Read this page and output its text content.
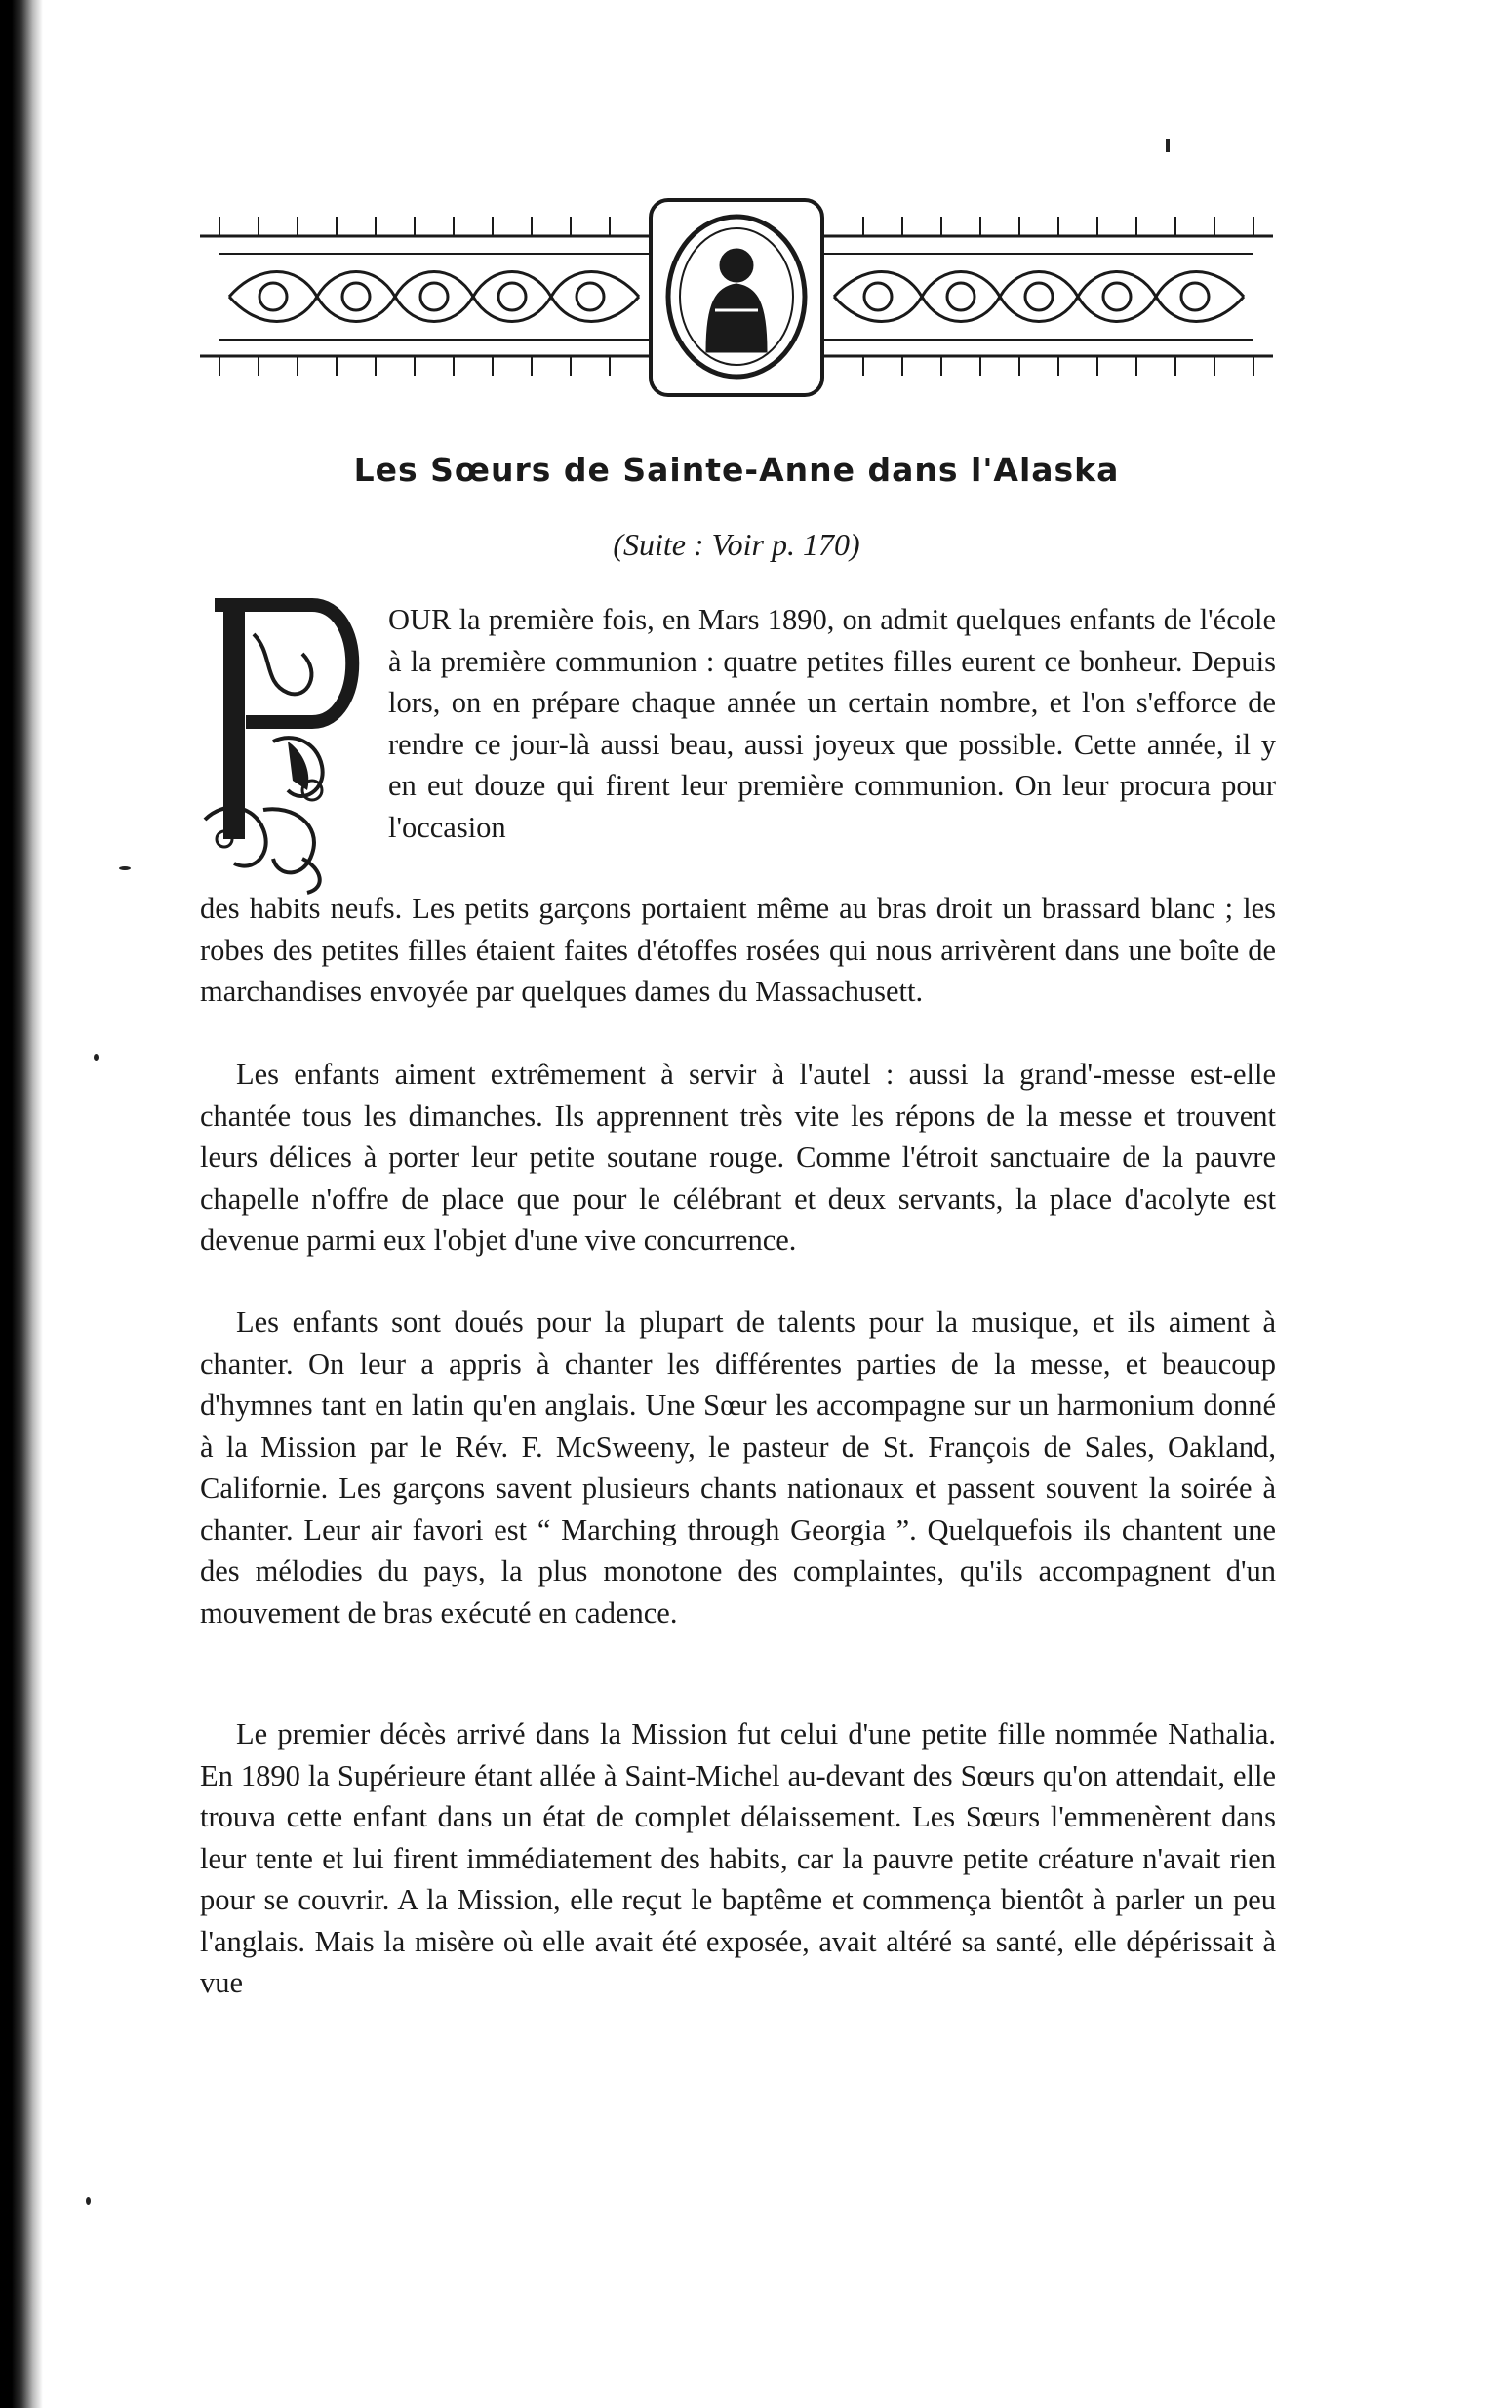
Les Sœurs de Sainte-Anne dans l'Alaska
(Suite : Voir p. 170)

OUR la première fois, en Mars 1890, on admit quelques enfants de l'école à la première communion : quatre petites filles eurent ce bonheur. Depuis lors, on en prépare chaque année un certain nombre, et l'on s'efforce de rendre ce jour-là aussi beau, aussi joyeux que possible. Cette année, il y en eut douze qui firent leur première communion. On leur procura pour l'occasion

des habits neufs. Les petits garçons portaient même au bras droit un brassard blanc ; les robes des petites filles étaient faites d'étoffes rosées qui nous arrivèrent dans une boîte de marchandises envoyée par quelques dames du Massachusett.

Les enfants aiment extrêmement à servir à l'autel : aussi la grand'-messe est-elle chantée tous les dimanches. Ils apprennent très vite les répons de la messe et trouvent leurs délices à porter leur petite soutane rouge. Comme l'étroit sanctuaire de la pauvre chapelle n'offre de place que pour le célébrant et deux servants, la place d'acolyte est devenue parmi eux l'objet d'une vive concurrence.

Les enfants sont doués pour la plupart de talents pour la musique, et ils aiment à chanter. On leur a appris à chanter les différentes parties de la messe, et beaucoup d'hymnes tant en latin qu'en anglais. Une Sœur les accompagne sur un harmonium donné à la Mission par le Rév. F. McSweeny, le pasteur de St. François de Sales, Oakland, Californie. Les garçons savent plusieurs chants nationaux et passent souvent la soirée à chanter. Leur air favori est “ Marching through Georgia ”. Quelquefois ils chantent une des mélodies du pays, la plus monotone des complaintes, qu'ils accompagnent d'un mouvement de bras exécuté en cadence.

Le premier décès arrivé dans la Mission fut celui d'une petite fille nommée Nathalia. En 1890 la Supérieure étant allée à Saint-Michel au-devant des Sœurs qu'on attendait, elle trouva cette enfant dans un état de complet délaissement. Les Sœurs l'emmenèrent dans leur tente et lui firent immédiatement des habits, car la pauvre petite créature n'avait rien pour se couvrir. A la Mission, elle reçut le baptême et commença bientôt à parler un peu l'anglais. Mais la misère où elle avait été exposée, avait altéré sa santé, elle dépérissait à vue
